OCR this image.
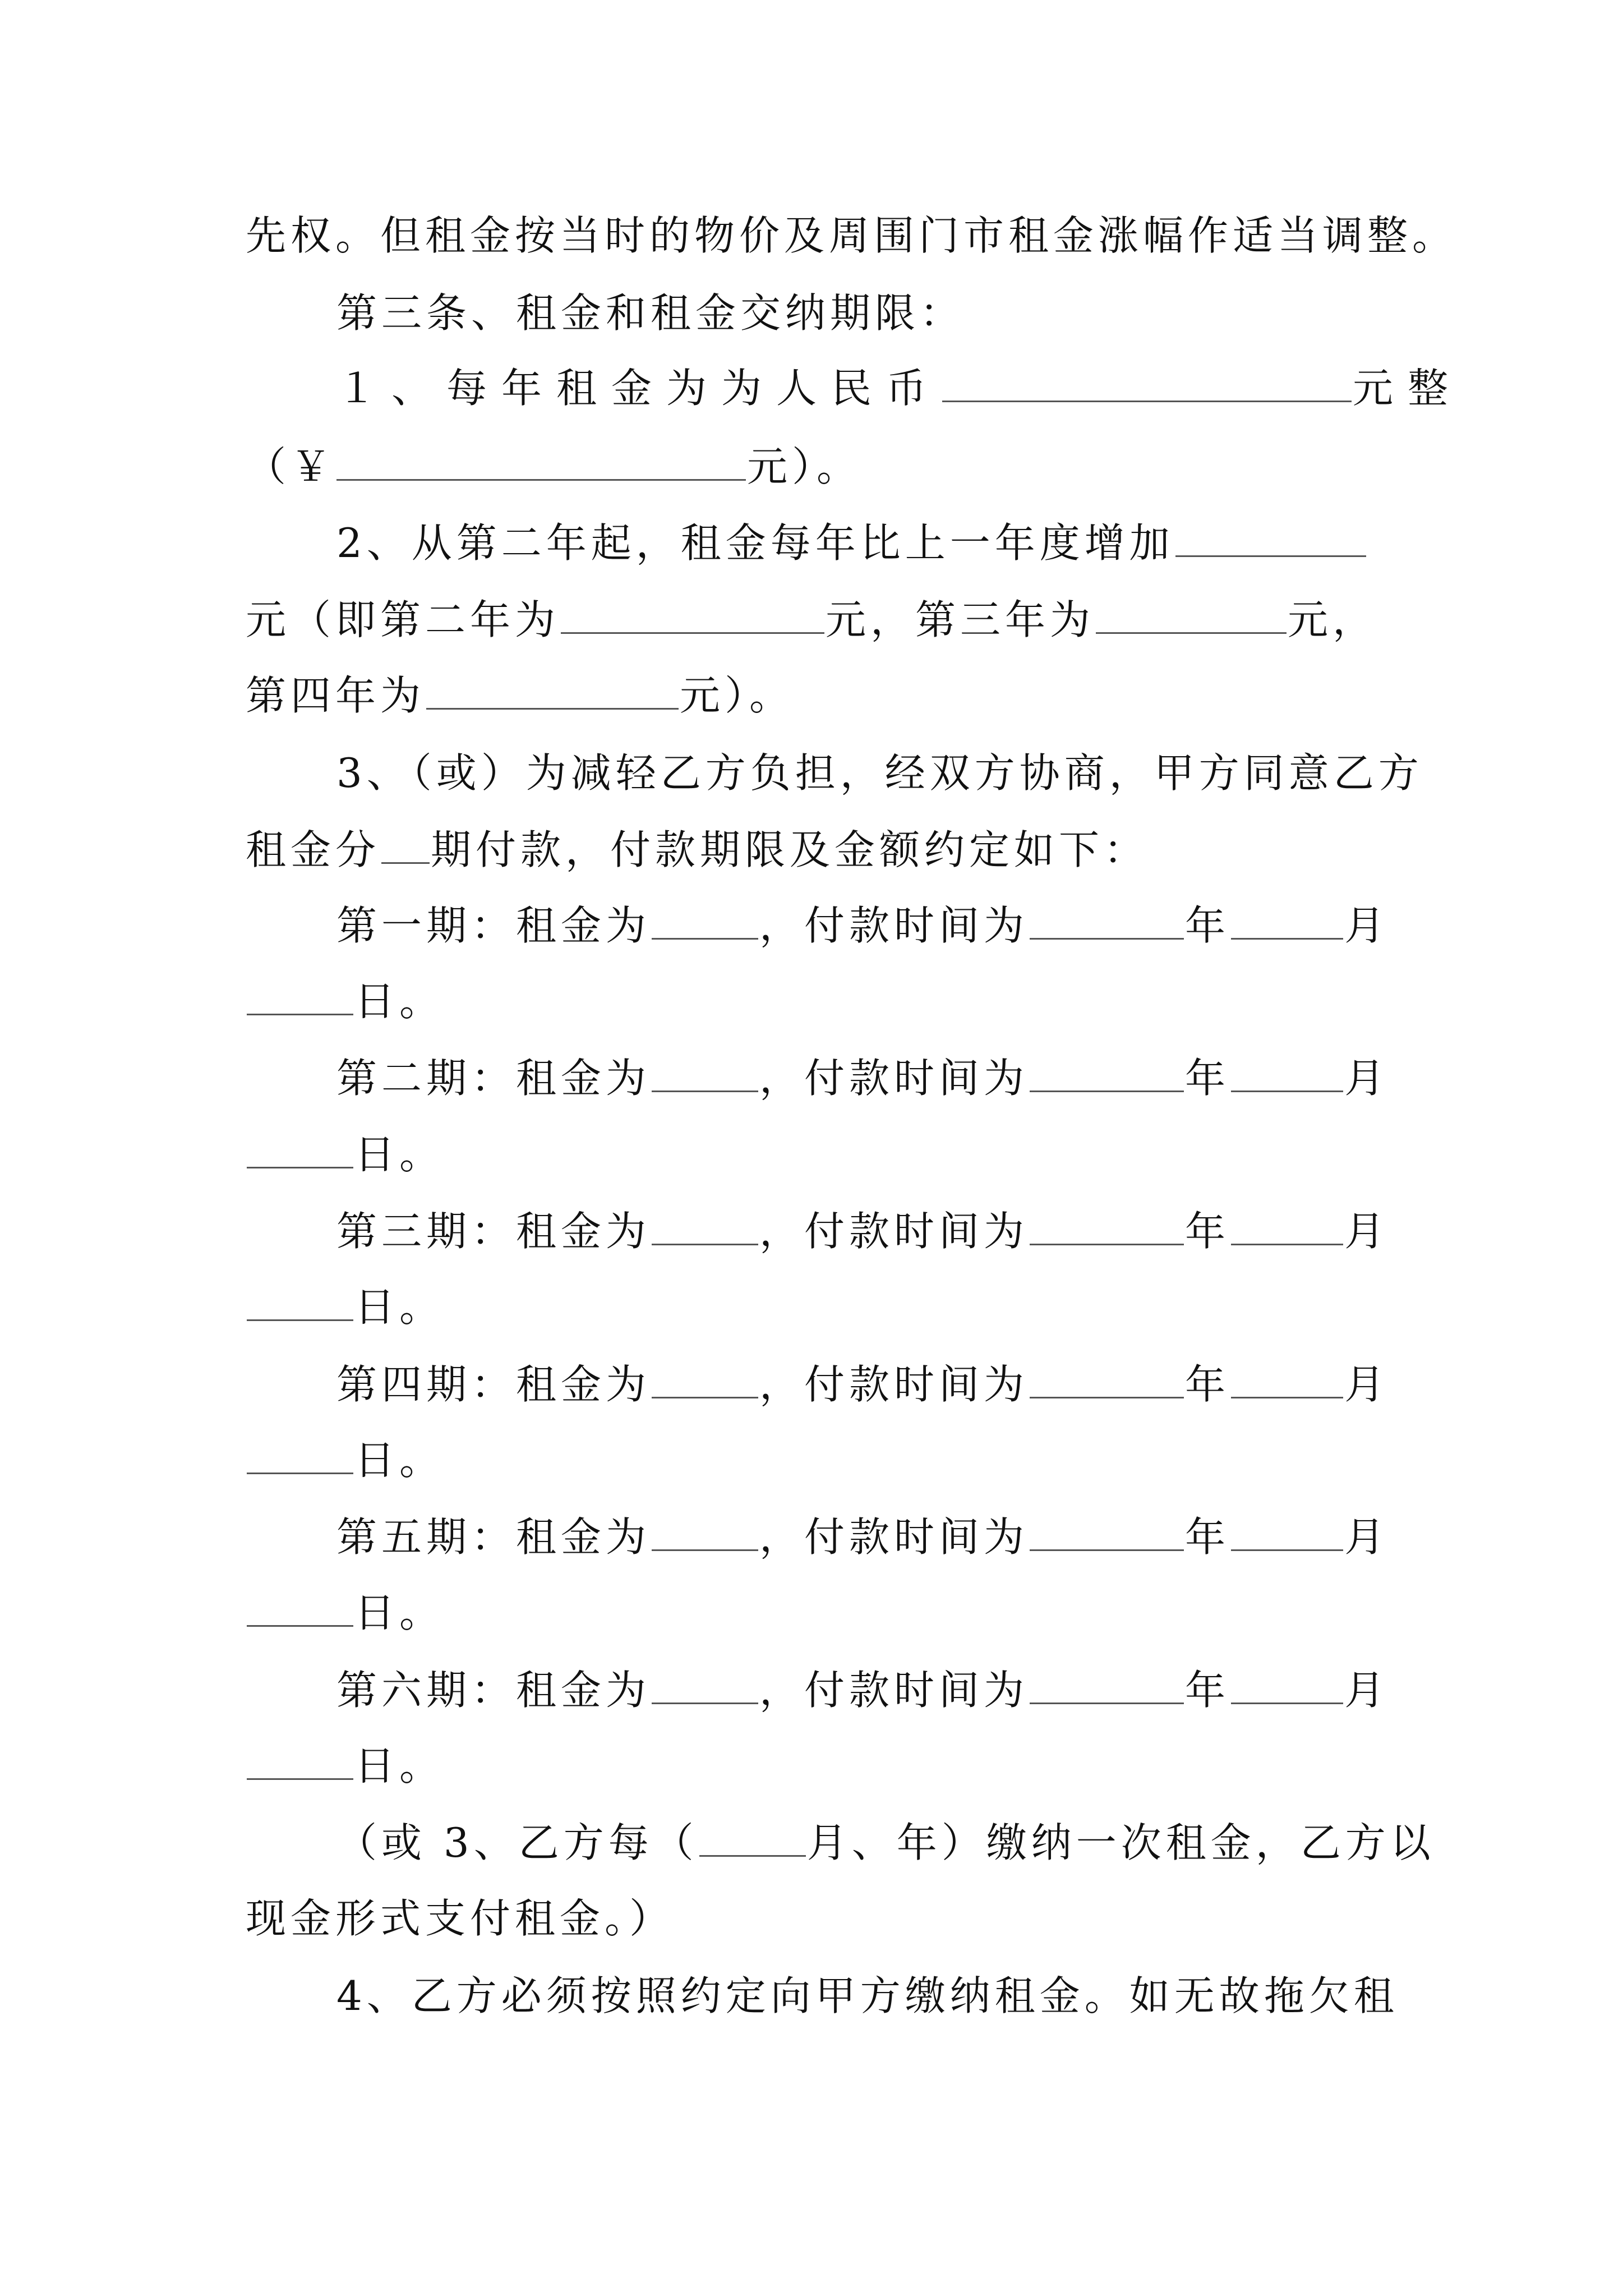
先权。但租金按当时的物价及周围门市租金涨幅作适当调整。
第三条、租金和租金交纳期限：
１、每年租金为为人民币	元整
（￥	元）。
2、从第二年起，租金每年比上一年度增加
元（即第二年为	元，第三年为	元，
第四年为	元）。
3、（或）为减轻乙方负担，经双方协商，甲方同意乙方
租金分 期付款，付款期限及金额约定如下：
第一期：租金为	，付款时间为	年	月
日。
第二期：租金为	，付款时间为	年	月
日。
第三期：租金为	，付款时间为	年	月
日。
第四期：租金为	，付款时间为	年	月
日。
第五期：租金为	，付款时间为	年	月
日。
第六期：租金为	，付款时间为	年	月
日。
（或 3、乙方每（	月、年）缴纳一次租金，乙方以
现金形式支付租金。）
4、乙方必须按照约定向甲方缴纳租金。如无故拖欠租
